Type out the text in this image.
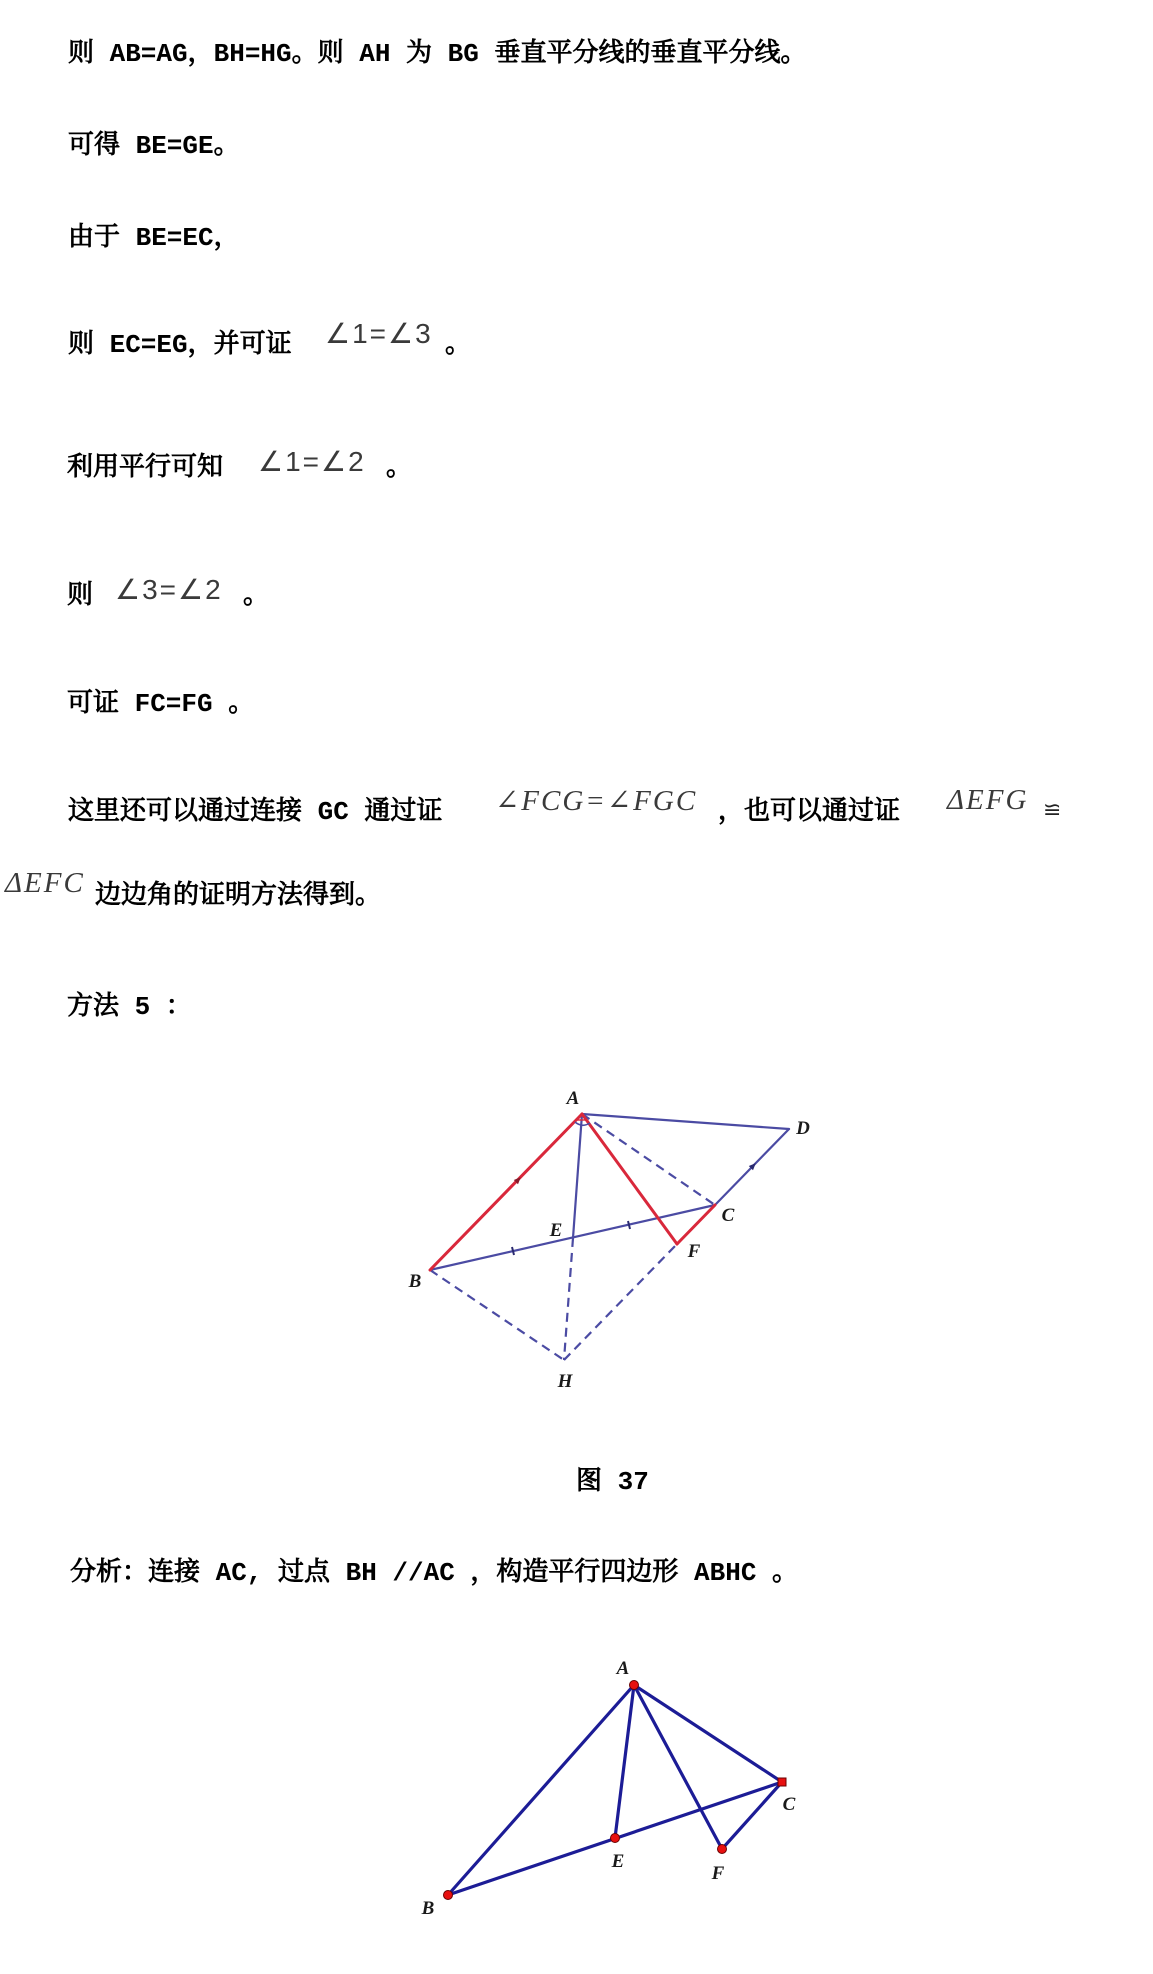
则 AB=AG，BH=HG。则 AH 为 BG 垂直平分线的垂直平分线。
可得 BE=GE。
由于 BE=EC，
则 EC=EG，并可证 ∠1=∠3 。
利用平行可知 ∠1=∠2 。
则 ∠3=∠2 。
可证 FC=FG 。
这里还可以通过连接 GC 通过证 ∠FCG=∠FGC ，也可以通过证 ΔEFG ≌
ΔEFC 边边角的证明方法得到。
方法 5 ：
A
D
C
E
F
B
H
图 37
分析：连接 AC, 过点 BH //AC ，构造平行四边形 ABHC 。
A
C
E
F
B
